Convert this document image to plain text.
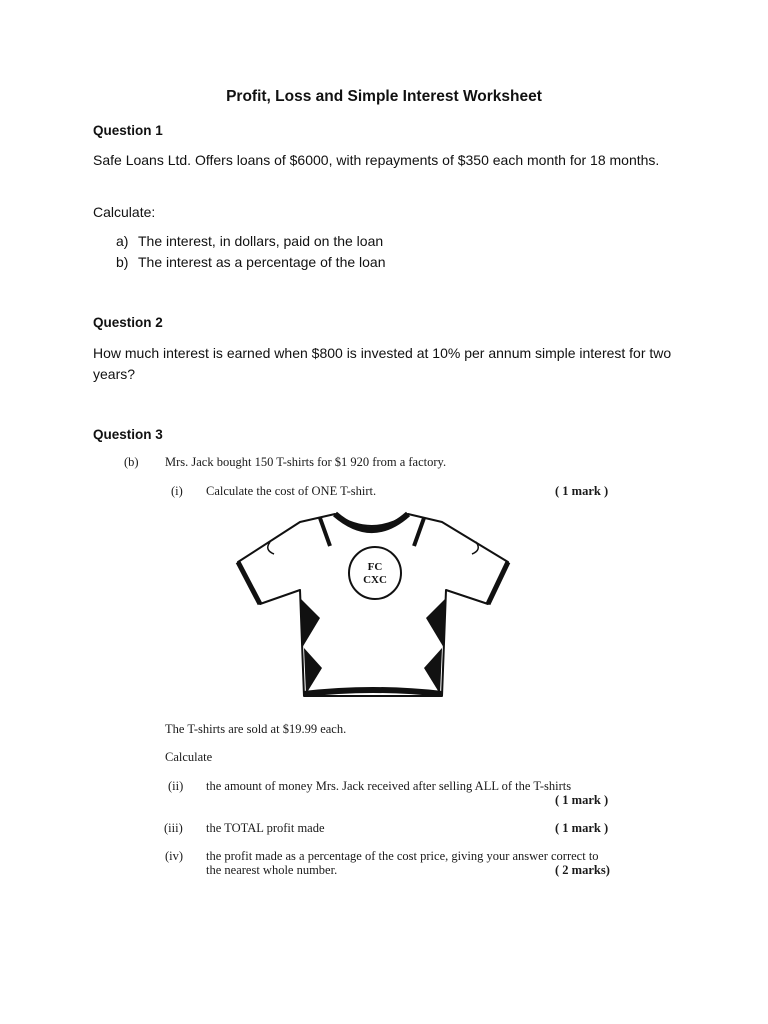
Profit, Loss and Simple Interest Worksheet
Question 1
Safe Loans Ltd. Offers loans of $6000, with repayments of $350 each month for 18 months.
Calculate:
a) The interest, in dollars, paid on the loan
b) The interest as a percentage of the loan
Question 2
How much interest is earned when $800 is invested at 10% per annum simple interest for two years?
Question 3
(b) Mrs. Jack bought 150 T-shirts for $1 920 from a factory.
(i) Calculate the cost of ONE T-shirt.	( 1 mark )
FC
CXC
The T-shirts are sold at $19.99 each.
Calculate
(ii) the amount of money Mrs. Jack received after selling ALL of the T-shirts
( 1 mark )
(iii) the TOTAL profit made	( 1 mark )
(iv) the profit made as a percentage of the cost price, giving your answer correct to
the nearest whole number.	( 2 marks)
